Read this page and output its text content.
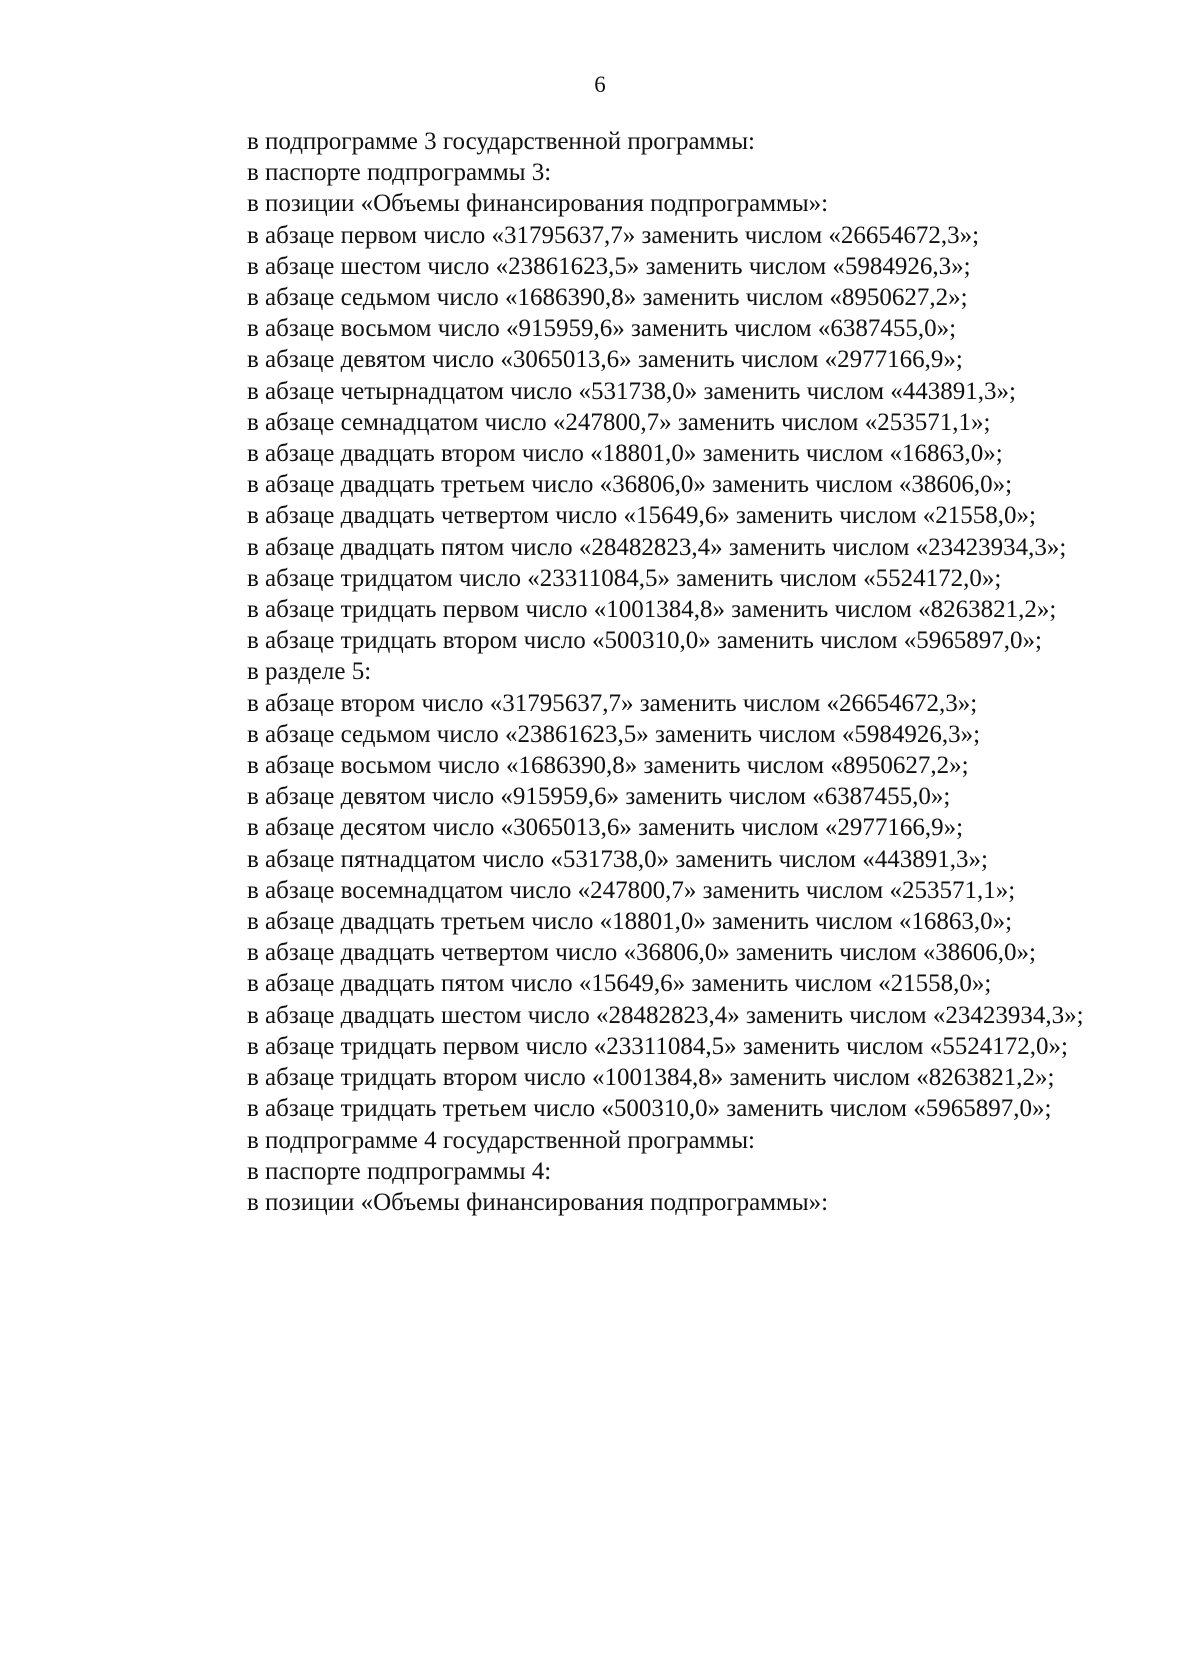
6

в подпрограмме 3 государственной программы:

в паспорте подпрограммы 3:

в позиции «Объемы финансирования подпрограммы»:

в абзаце первом число «31795637,7» заменить числом «26654672,3»;

в абзаце шестом число «23861623,5» заменить числом «5984926,3»;

в абзаце седьмом число «1686390,8» заменить числом «8950627,2»;

в абзаце восьмом число «915959,6» заменить числом «6387455,0»;

в абзаце девятом число «3065013,6» заменить числом «2977166,9»;

в абзаце четырнадцатом число «531738,0» заменить числом «443891,3»;

в абзаце семнадцатом число «247800,7» заменить числом «253571,1»;

в абзаце двадцать втором число «18801,0» заменить числом «16863,0»;

в абзаце двадцать третьем число «36806,0» заменить числом «38606,0»;

в абзаце двадцать четвертом число «15649,6» заменить числом «21558,0»;

в абзаце двадцать пятом число «28482823,4» заменить числом «23423934,3»;

в абзаце тридцатом число «23311084,5» заменить числом «5524172,0»;

в абзаце тридцать первом число «1001384,8» заменить числом «8263821,2»;

в абзаце тридцать втором число «500310,0» заменить числом «5965897,0»;

в разделе 5:

в абзаце втором число «31795637,7» заменить числом «26654672,3»;

в абзаце седьмом число «23861623,5» заменить числом «5984926,3»;

в абзаце восьмом число «1686390,8» заменить числом «8950627,2»;

в абзаце девятом число «915959,6» заменить числом «6387455,0»;

в абзаце десятом число «3065013,6» заменить числом «2977166,9»;

в абзаце пятнадцатом число «531738,0» заменить числом «443891,3»;

в абзаце восемнадцатом число «247800,7» заменить числом «253571,1»;

в абзаце двадцать третьем число «18801,0» заменить числом «16863,0»;

в абзаце двадцать четвертом число «36806,0» заменить числом «38606,0»;

в абзаце двадцать пятом число «15649,6» заменить числом «21558,0»;

в абзаце двадцать шестом число «28482823,4» заменить числом «23423934,3»;

в абзаце тридцать первом число «23311084,5» заменить числом «5524172,0»;

в абзаце тридцать втором число «1001384,8» заменить числом «8263821,2»;

в абзаце тридцать третьем число «500310,0» заменить числом «5965897,0»;

в подпрограмме 4 государственной программы:

в паспорте подпрограммы 4:

в позиции «Объемы финансирования подпрограммы»:
